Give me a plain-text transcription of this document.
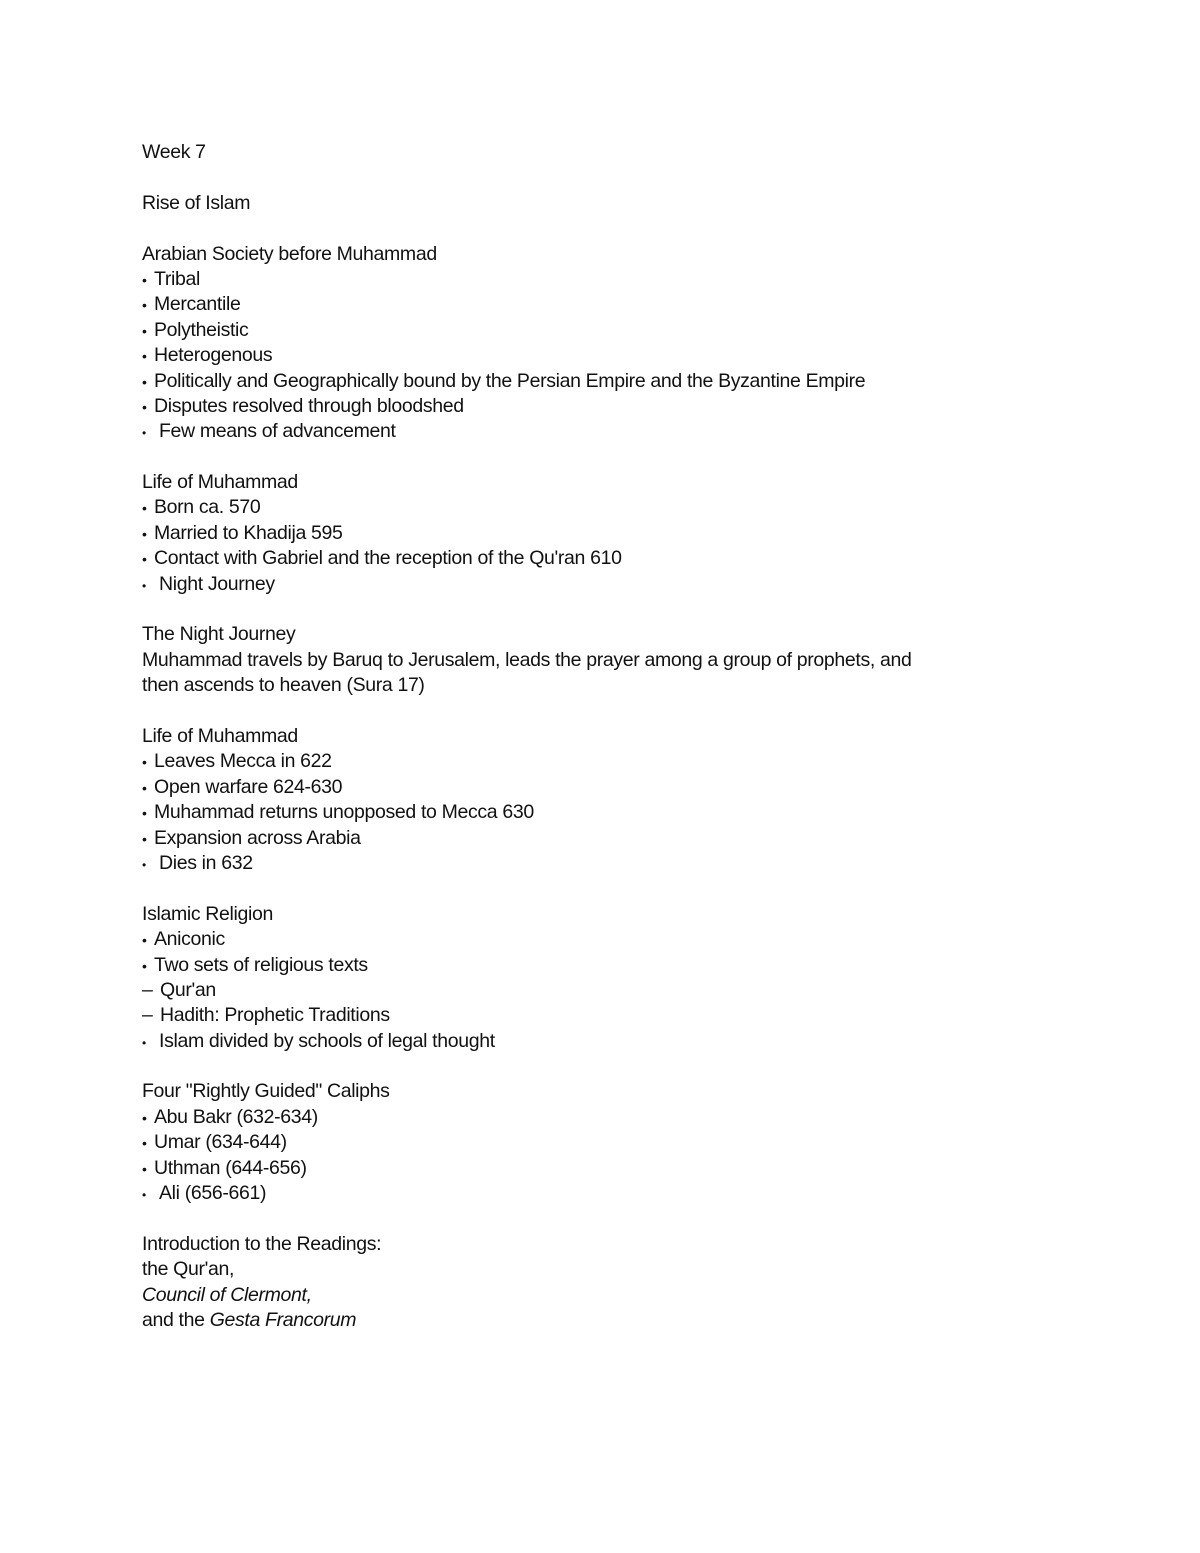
Week 7
Rise of Islam
Arabian Society before Muhammad
• Tribal
• Mercantile
• Polytheistic
• Heterogenous
• Politically and Geographically bound by the Persian Empire and the Byzantine Empire
• Disputes resolved through bloodshed
• Few means of advancement
Life of Muhammad
• Born ca. 570
• Married to Khadija 595
• Contact with Gabriel and the reception of the Qu'ran 610
• Night Journey
The Night Journey
Muhammad travels by Baruq to Jerusalem, leads the prayer among a group of prophets, and
then ascends to heaven (Sura 17)
Life of Muhammad
• Leaves Mecca in 622
• Open warfare 624-630
• Muhammad returns unopposed to Mecca 630
• Expansion across Arabia
• Dies in 632
Islamic Religion
• Aniconic
• Two sets of religious texts
– Qur'an
– Hadith: Prophetic Traditions
• Islam divided by schools of legal thought
Four "Rightly Guided" Caliphs
• Abu Bakr (632-634)
• Umar (634-644)
• Uthman (644-656)
• Ali (656-661)
Introduction to the Readings:
the Qur'an,
Council of Clermont,
and the Gesta Francorum
